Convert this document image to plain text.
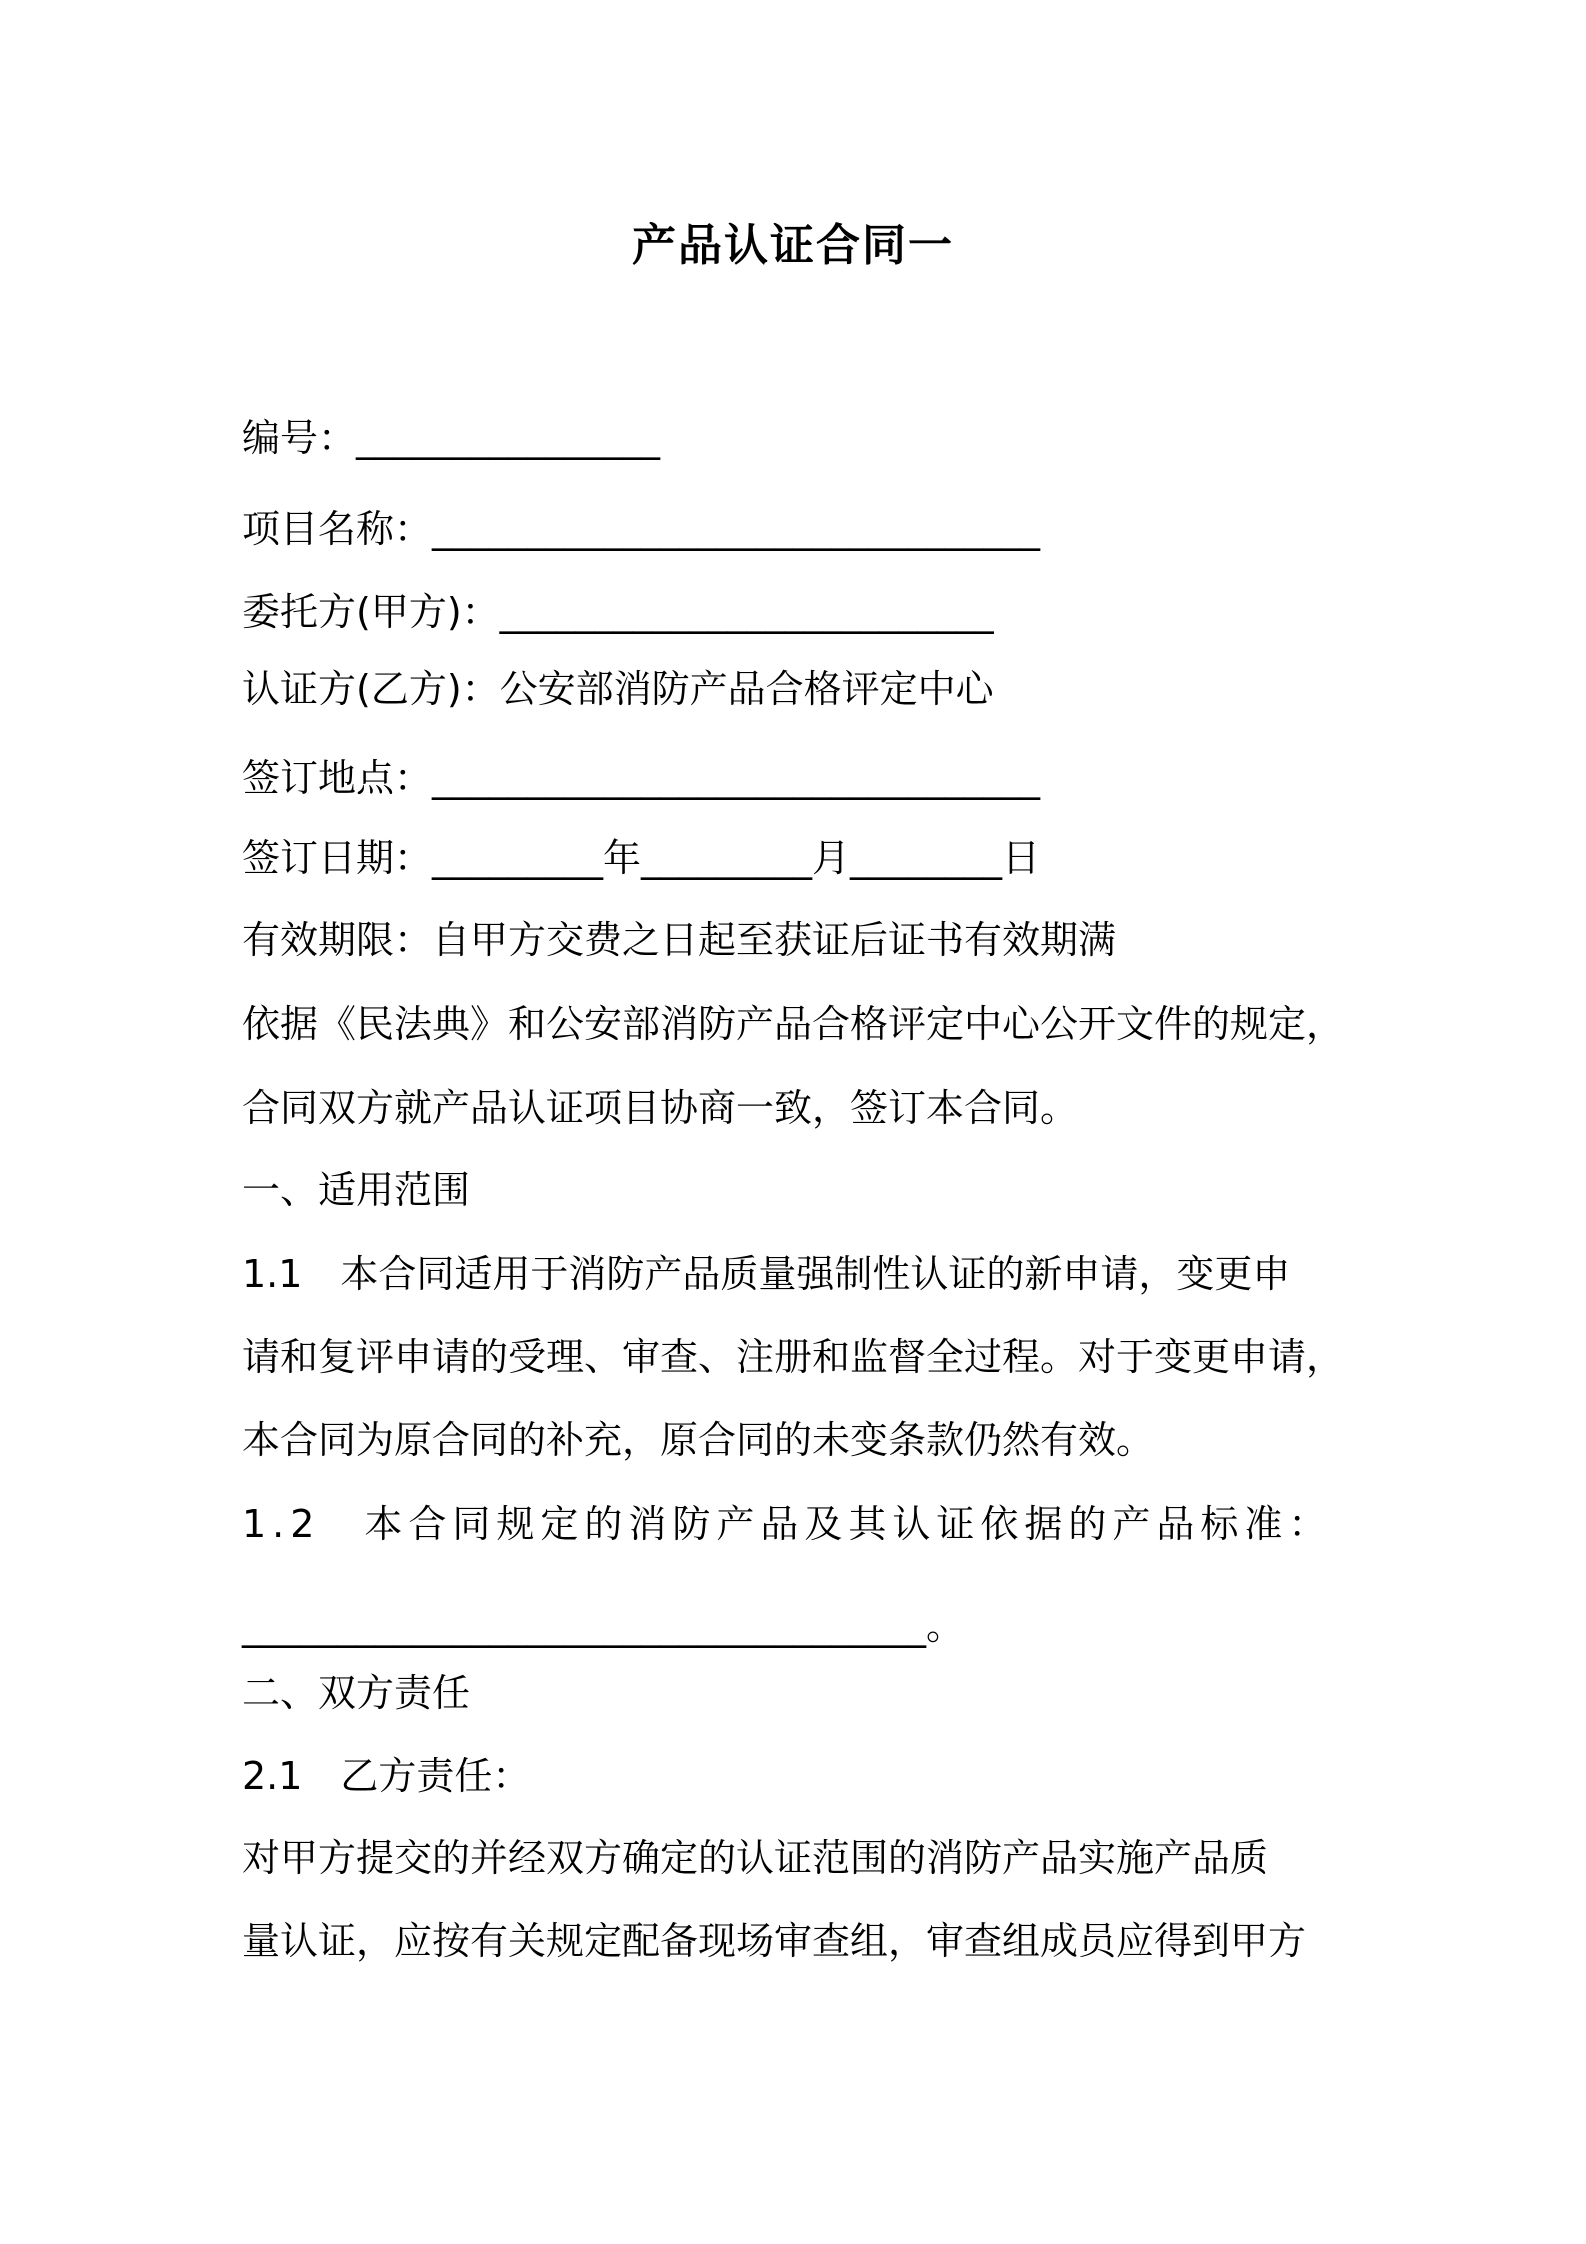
产品认证合同一
编号：________________
项目名称：________________________________
委托方(甲方)：__________________________
认证方(乙方)：公安部消防产品合格评定中心
签订地点：________________________________
签订日期：_________年_________月________日
有效期限：自甲方交费之日起至获证后证书有效期满
依据《民法典》和公安部消防产品合格评定中心公开文件的规定，
合同双方就产品认证项目协商一致，签订本合同。
一、适用范围
1.1　本合同适用于消防产品质量强制性认证的新申请，变更申
请和复评申请的受理、审查、注册和监督全过程。对于变更申请，
本合同为原合同的补充，原合同的未变条款仍然有效。
1.2　本合同规定的消防产品及其认证依据的产品标准：
____________________________________。
二、双方责任
2.1　乙方责任：
对甲方提交的并经双方确定的认证范围的消防产品实施产品质
量认证，应按有关规定配备现场审查组，审查组成员应得到甲方
